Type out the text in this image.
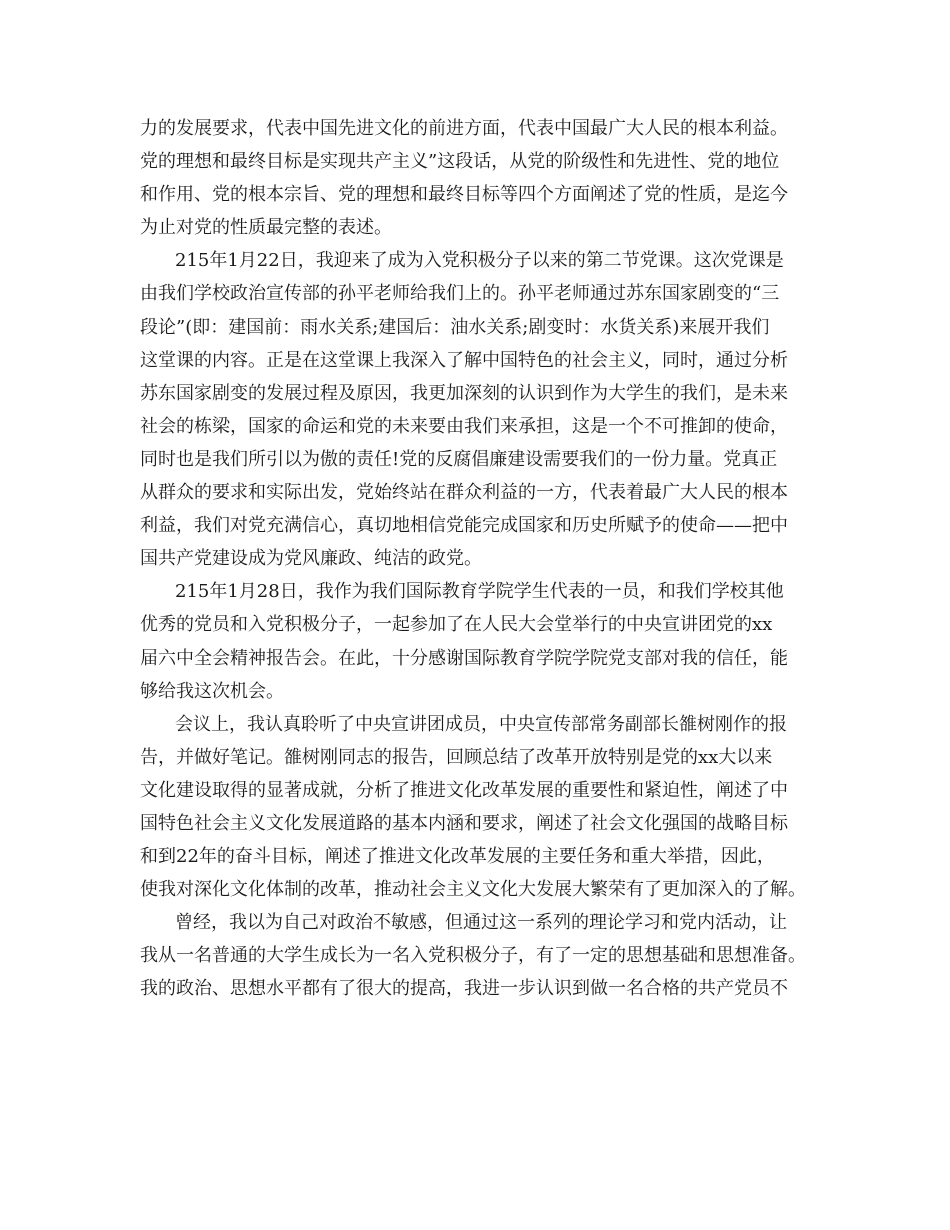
力的发展要求，代表中国先进文化的前进方面，代表中国最广大人民的根本利益。
党的理想和最终目标是实现共产主义”这段话，从党的阶级性和先进性、党的地位
和作用、党的根本宗旨、党的理想和最终目标等四个方面阐述了党的性质，是迄今
为止对党的性质最完整的表述。
215年1月22日，我迎来了成为入党积极分子以来的第二节党课。这次党课是
由我们学校政治宣传部的孙平老师给我们上的。孙平老师通过苏东国家剧变的“三
段论”(即：建国前：雨水关系;建国后：油水关系;剧变时：水货关系)来展开我们
这堂课的内容。正是在这堂课上我深入了解中国特色的社会主义，同时，通过分析
苏东国家剧变的发展过程及原因，我更加深刻的认识到作为大学生的我们，是未来
社会的栋梁，国家的命运和党的未来要由我们来承担，这是一个不可推卸的使命，
同时也是我们所引以为傲的责任!党的反腐倡廉建设需要我们的一份力量。党真正
从群众的要求和实际出发，党始终站在群众利益的一方，代表着最广大人民的根本
利益，我们对党充满信心，真切地相信党能完成国家和历史所赋予的使命——把中
国共产党建设成为党风廉政、纯洁的政党。
215年1月28日，我作为我们国际教育学院学生代表的一员，和我们学校其他
优秀的党员和入党积极分子，一起参加了在人民大会堂举行的中央宣讲团党的xx
届六中全会精神报告会。在此，十分感谢国际教育学院学院党支部对我的信任，能
够给我这次机会。
会议上，我认真聆听了中央宣讲团成员，中央宣传部常务副部长雒树刚作的报
告，并做好笔记。雒树刚同志的报告，回顾总结了改革开放特别是党的xx大以来
文化建设取得的显著成就，分析了推进文化改革发展的重要性和紧迫性，阐述了中
国特色社会主义文化发展道路的基本内涵和要求，阐述了社会文化强国的战略目标
和到22年的奋斗目标，阐述了推进文化改革发展的主要任务和重大举措，因此，
使我对深化文化体制的改革，推动社会主义文化大发展大繁荣有了更加深入的了解。
曾经，我以为自己对政治不敏感，但通过这一系列的理论学习和党内活动，让
我从一名普通的大学生成长为一名入党积极分子，有了一定的思想基础和思想准备。
我的政治、思想水平都有了很大的提高，我进一步认识到做一名合格的共产党员不
